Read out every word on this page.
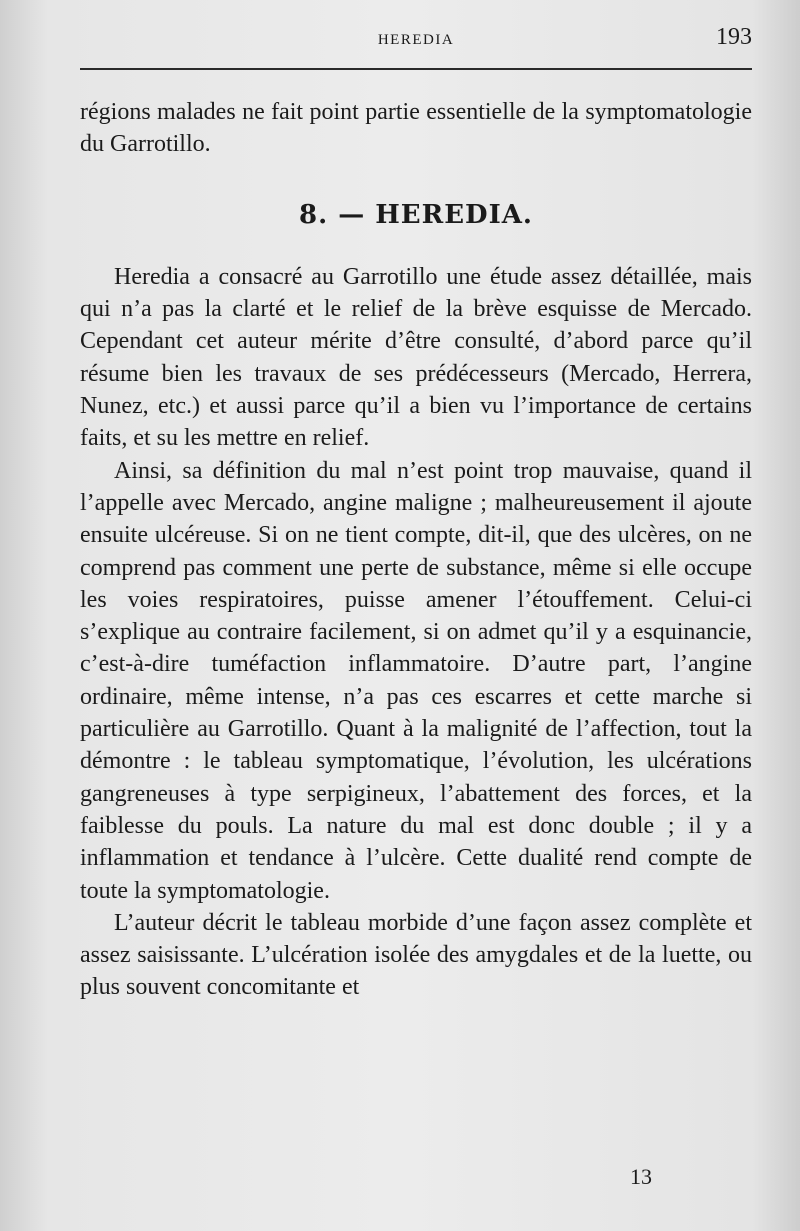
HEREDIA	193

régions malades ne fait point partie essentielle de la symptomatologie du Garrotillo.

8. — HEREDIA.

Heredia a consacré au Garrotillo une étude assez détaillée, mais qui n’a pas la clarté et le relief de la brève esquisse de Mercado. Cependant cet auteur mérite d’être consulté, d’abord parce qu’il résume bien les travaux de ses prédécesseurs (Mercado, Herrera, Nunez, etc.) et aussi parce qu’il a bien vu l’importance de certains faits, et su les mettre en relief.

Ainsi, sa définition du mal n’est point trop mauvaise, quand il l’appelle avec Mercado, angine maligne ; malheureusement il ajoute ensuite ulcéreuse. Si on ne tient compte, dit-il, que des ulcères, on ne comprend pas comment une perte de substance, même si elle occupe les voies respiratoires, puisse amener l’étouffement. Celui-ci s’explique au contraire facilement, si on admet qu’il y a esquinancie, c’est-à-dire tuméfaction inflammatoire. D’autre part, l’angine ordinaire, même intense, n’a pas ces escarres et cette marche si particulière au Garrotillo. Quant à la malignité de l’affection, tout la démontre : le tableau symptomatique, l’évolution, les ulcérations gangreneuses à type serpigineux, l’abattement des forces, et la faiblesse du pouls. La nature du mal est donc double ; il y a inflammation et tendance à l’ulcère. Cette dualité rend compte de toute la symptomatologie.

L’auteur décrit le tableau morbide d’une façon assez complète et assez saisissante. L’ulcération isolée des amygdales et de la luette, ou plus souvent concomitante et

13
